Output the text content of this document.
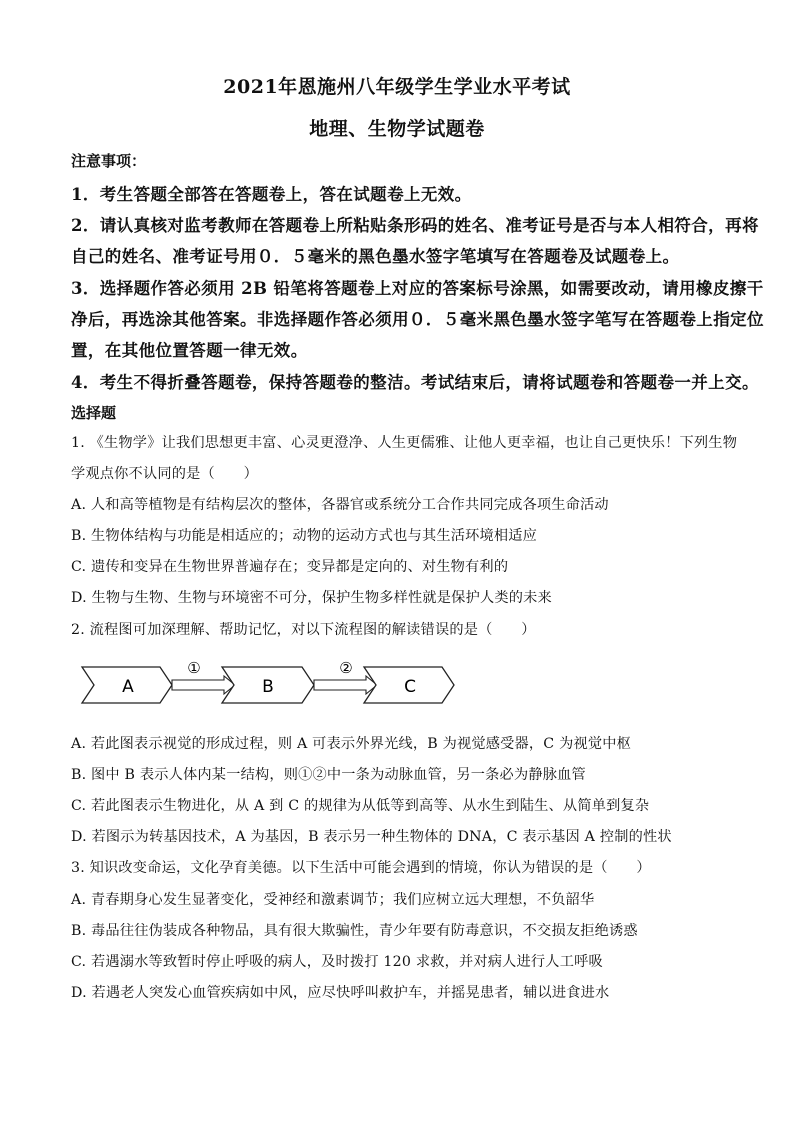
2021年恩施州八年级学生学业水平考试
地理、生物学试题卷
注意事项：
1．考生答题全部答在答题卷上，答在试题卷上无效。
2．请认真核对监考教师在答题卷上所粘贴条形码的姓名、准考证号是否与本人相符合，再将
自己的姓名、准考证号用０．５毫米的黑色墨水签字笔填写在答题卷及试题卷上。
3．选择题作答必须用 2B 铅笔将答题卷上对应的答案标号涂黑，如需要改动，请用橡皮擦干
净后，再选涂其他答案。非选择题作答必须用０．５毫米黑色墨水签字笔写在答题卷上指定位
置，在其他位置答题一律无效。
4．考生不得折叠答题卷，保持答题卷的整洁。考试结束后，请将试题卷和答题卷一并上交。
选择题
1. 《生物学》让我们思想更丰富、心灵更澄净、人生更儒雅、让他人更幸福，也让自己更快乐！下列生物
学观点你不认同的是（　　）
A. 人和高等植物是有结构层次的整体，各器官或系统分工合作共同完成各项生命活动
B. 生物体结构与功能是相适应的；动物的运动方式也与其生活环境相适应
C. 遗传和变异在生物世界普遍存在；变异都是定向的、对生物有利的
D. 生物与生物、生物与环境密不可分，保护生物多样性就是保护人类的未来
2. 流程图可加深理解、帮助记忆，对以下流程图的解读错误的是（　　）
A
①
B
②
C
A. 若此图表示视觉的形成过程，则 A 可表示外界光线，B 为视觉感受器，C 为视觉中枢
B. 图中 B 表示人体内某一结构，则①②中一条为动脉血管，另一条必为静脉血管
C. 若此图表示生物进化，从 A 到 C 的规律为从低等到高等、从水生到陆生、从简单到复杂
D. 若图示为转基因技术，A 为基因，B 表示另一种生物体的 DNA，C 表示基因 A 控制的性状
3. 知识改变命运，文化孕育美德。以下生活中可能会遇到的情境，你认为错误的是（　　）
A. 青春期身心发生显著变化，受神经和激素调节；我们应树立远大理想，不负韶华
B. 毒品往往伪装成各种物品，具有很大欺骗性，青少年要有防毒意识，不交损友拒绝诱惑
C. 若遇溺水等致暂时停止呼吸的病人，及时拨打 120 求救，并对病人进行人工呼吸
D. 若遇老人突发心血管疾病如中风，应尽快呼叫救护车，并摇晃患者，辅以进食进水
